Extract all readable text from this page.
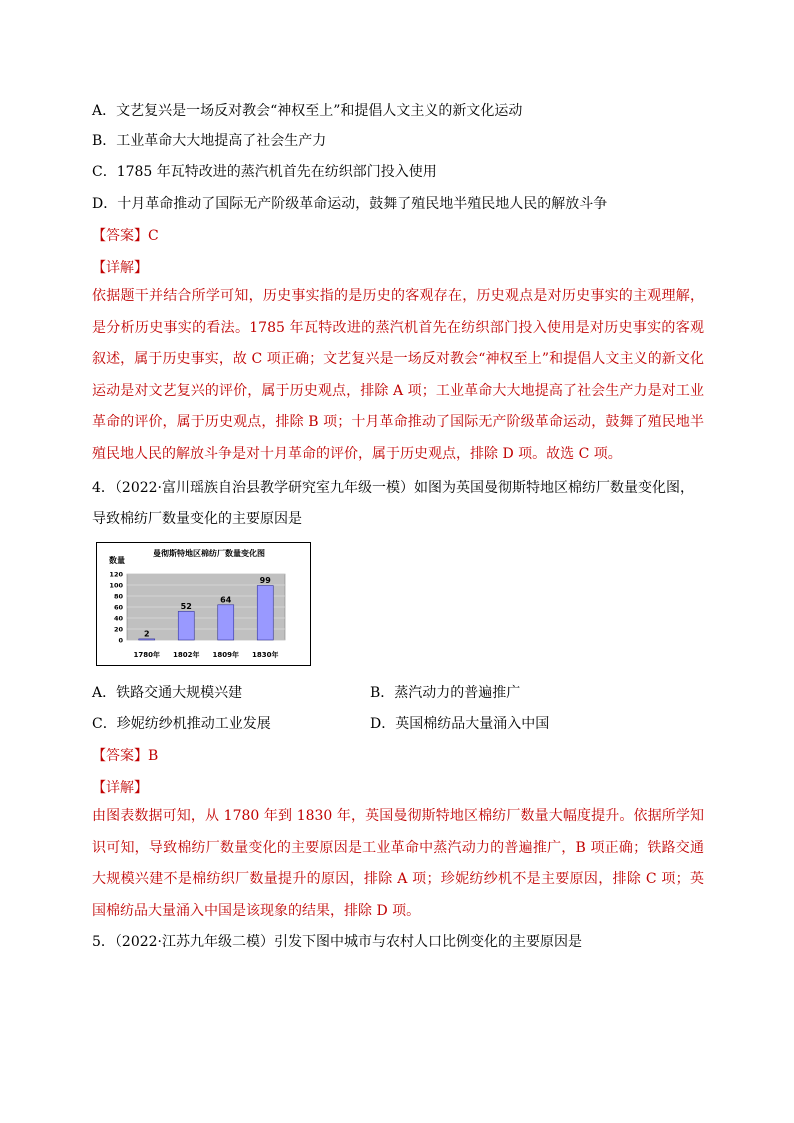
A．文艺复兴是一场反对教会“神权至上”和提倡人文主义的新文化运动
B．工业革命大大地提高了社会生产力
C．1785 年瓦特改进的蒸汽机首先在纺织部门投入使用
D．十月革命推动了国际无产阶级革命运动，鼓舞了殖民地半殖民地人民的解放斗争
【答案】C
【详解】
依据题干并结合所学可知，历史事实指的是历史的客观存在，历史观点是对历史事实的主观理解，是分析历史事实的看法。1785 年瓦特改进的蒸汽机首先在纺织部门投入使用是对历史事实的客观叙述，属于历史事实，故 C 项正确；文艺复兴是一场反对教会“神权至上”和提倡人文主义的新文化运动是对文艺复兴的评价，属于历史观点，排除 A 项；工业革命大大地提高了社会生产力是对工业革命的评价，属于历史观点，排除 B 项；十月革命推动了国际无产阶级革命运动，鼓舞了殖民地半殖民地人民的解放斗争是对十月革命的评价，属于历史观点，排除 D 项。故选 C 项。
4．（2022·富川瑶族自治县教学研究室九年级一模）如图为英国曼彻斯特地区棉纺厂数量变化图，
导致棉纺厂数量变化的主要原因是
曼彻斯特地区棉纺厂数量变化图
数量
0
20
40
60
80
100
120
2
1780年
52
1802年
64
1809年
99
1830年
A．铁路交通大规模兴建	B．蒸汽动力的普遍推广
C．珍妮纺纱机推动工业发展	D．英国棉纺品大量涌入中国
【答案】B
【详解】
由图表数据可知，从 1780 年到 1830 年，英国曼彻斯特地区棉纺厂数量大幅度提升。依据所学知识可知，导致棉纺厂数量变化的主要原因是工业革命中蒸汽动力的普遍推广，B 项正确；铁路交通大规模兴建不是棉纺织厂数量提升的原因，排除 A 项；珍妮纺纱机不是主要原因，排除 C 项；英国棉纺品大量涌入中国是该现象的结果，排除 D 项。
5．（2022·江苏九年级二模）引发下图中城市与农村人口比例变化的主要原因是
